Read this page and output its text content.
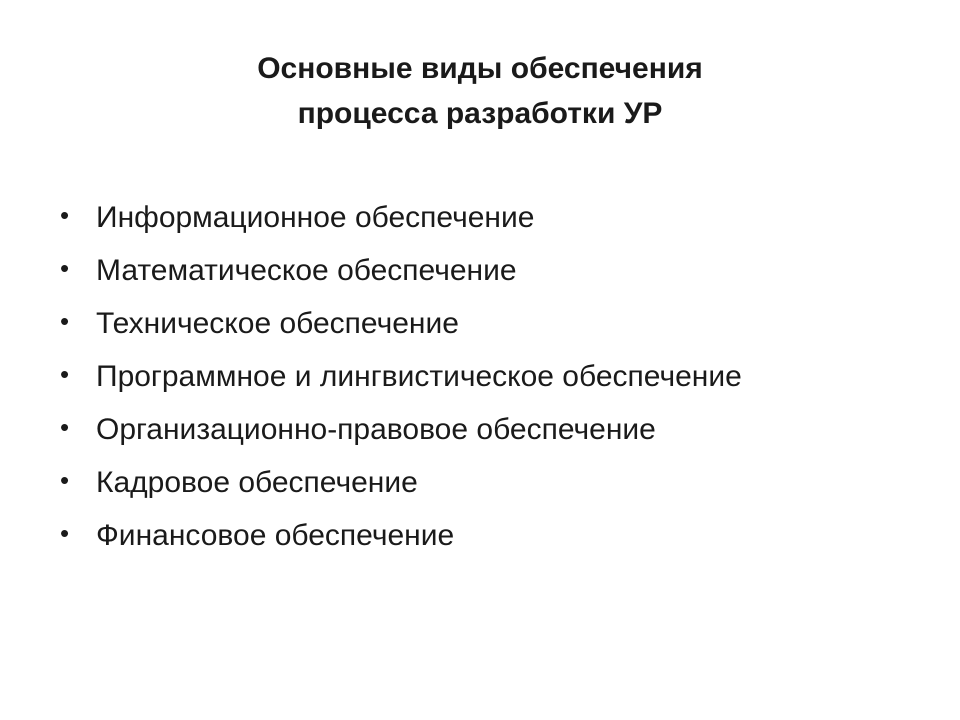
Основные виды обеспечения
процесса разработки УР
• Информационное обеспечение
• Математическое обеспечение
• Техническое обеспечение
• Программное и лингвистическое обеспечение
• Организационно-правовое обеспечение
• Кадровое обеспечение
• Финансовое обеспечение
